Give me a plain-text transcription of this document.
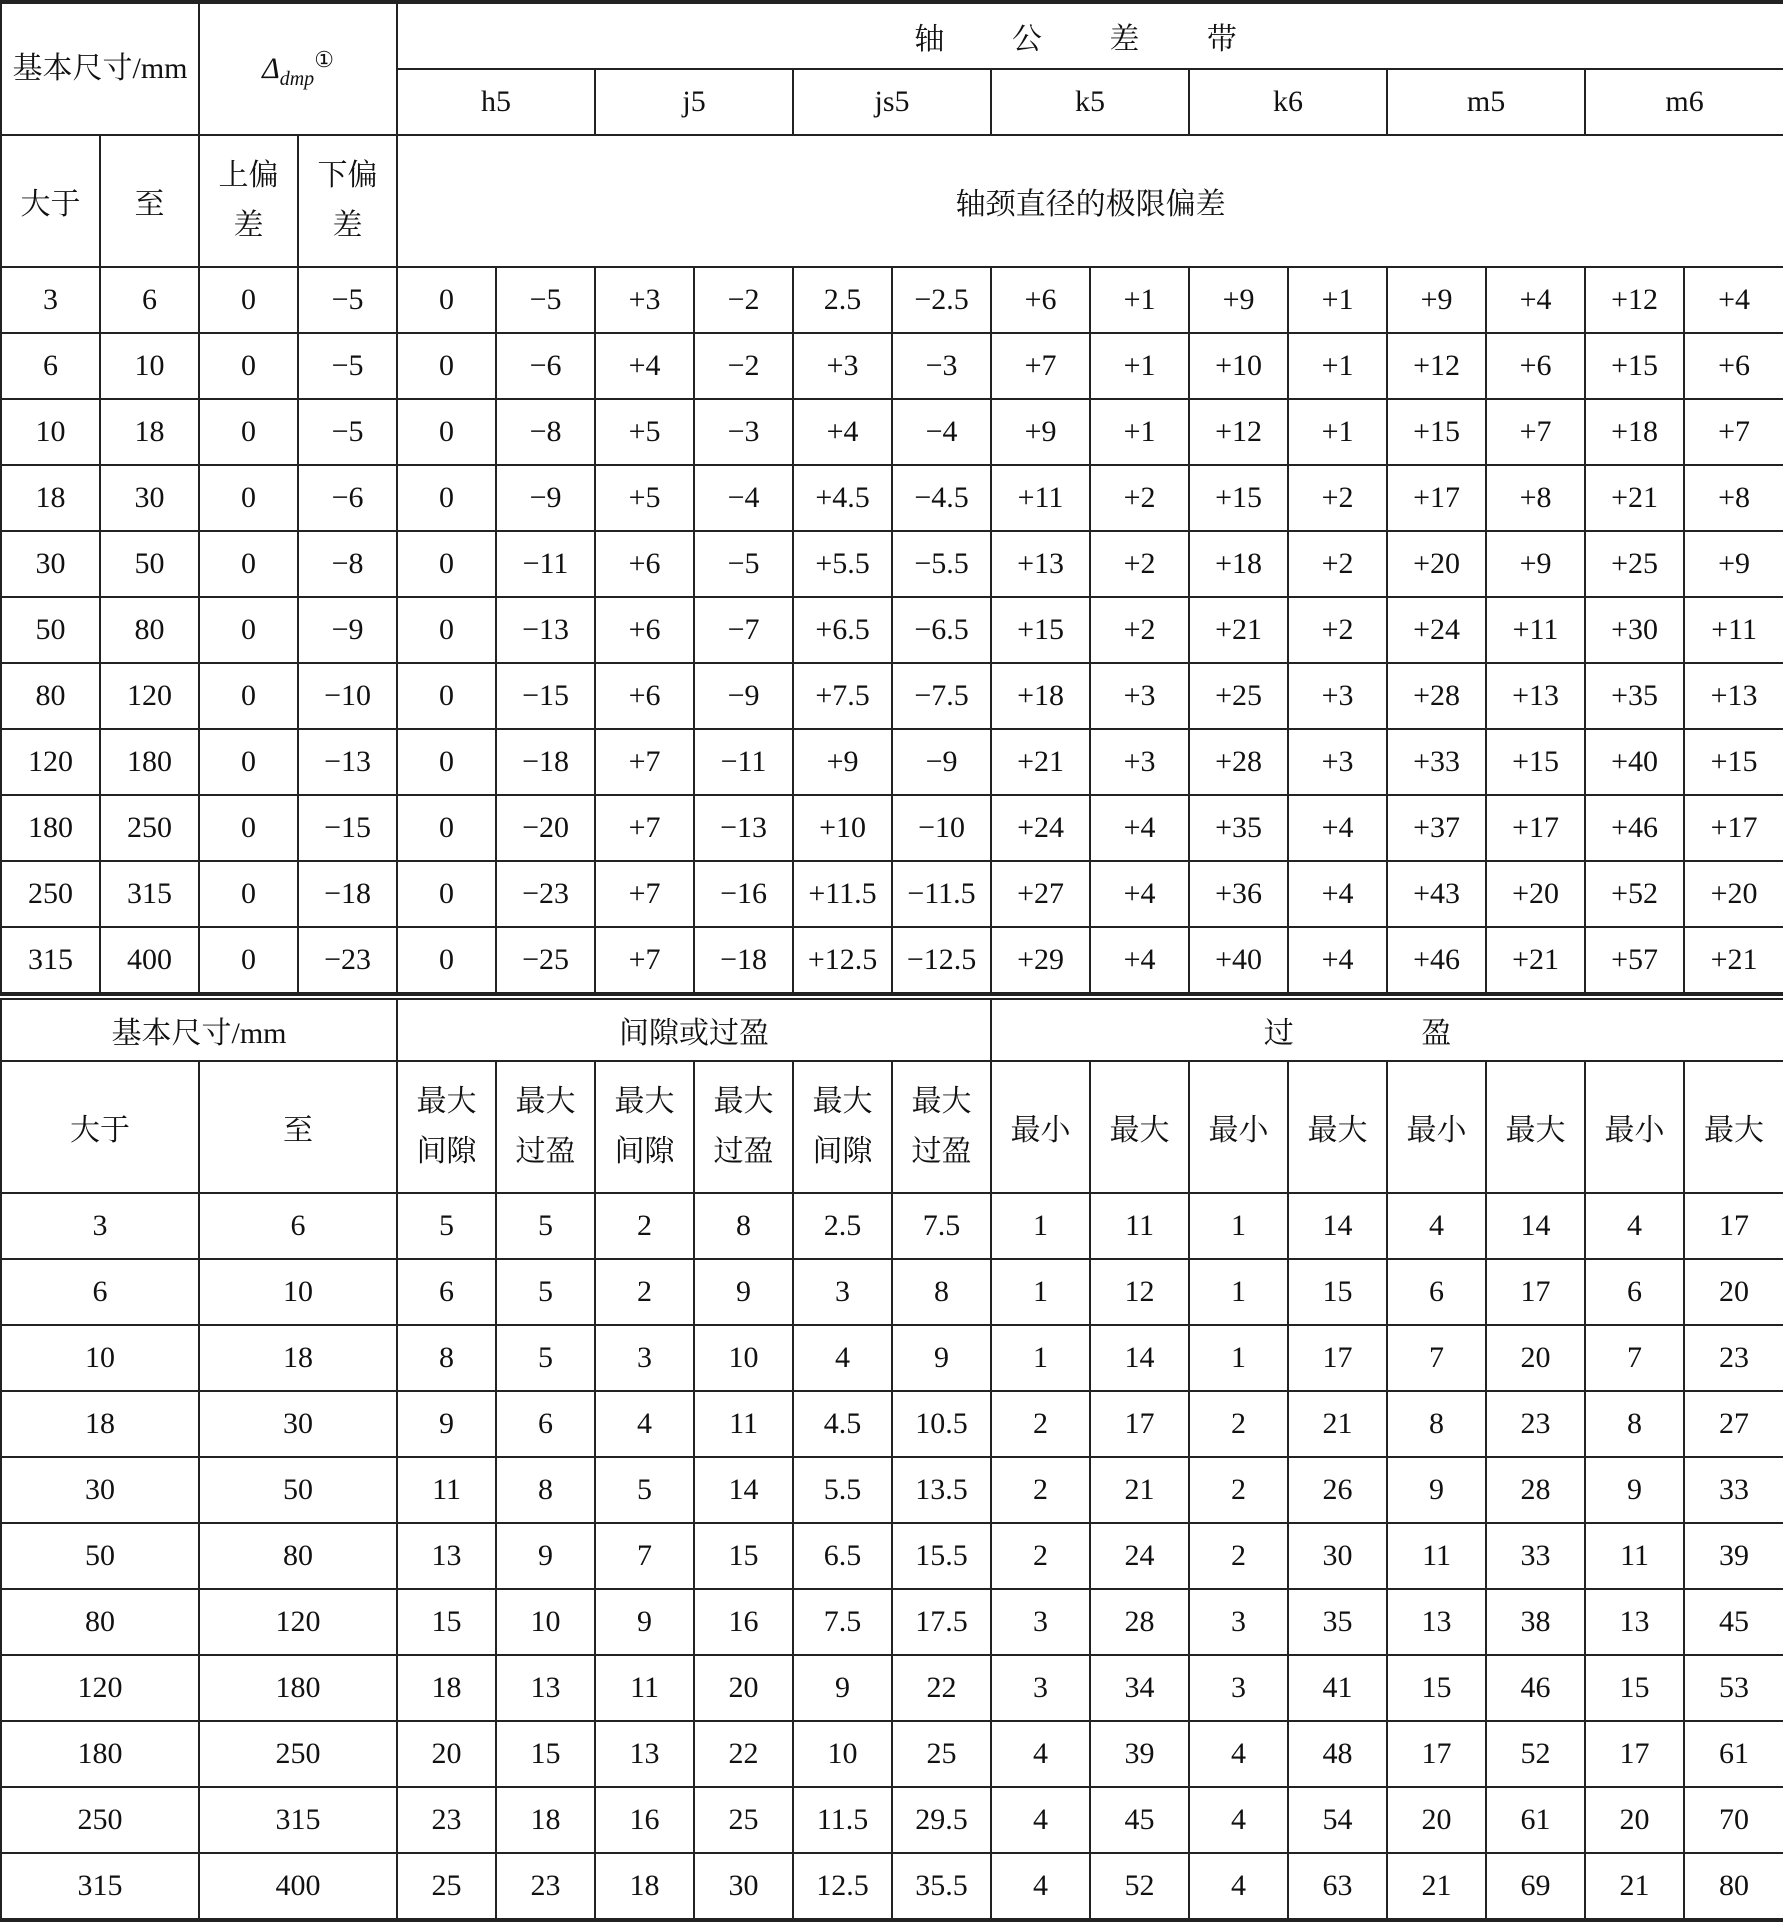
基本尺寸/mm		$\Delta_{dmp}^①$		轴 公 差 带													
				h5		j5		js5		k5		k6		m5		m6	
大于	至	上偏差	下偏差	轴颈直径的极限偏差													
3	6	0	−5	0	−5	+3	−2	2.5	−2.5	+6	+1	+9	+1	+9	+4	+12	+4
6	10	0	−5	0	−6	+4	−2	+3	−3	+7	+1	+10	+1	+12	+6	+15	+6
10	18	0	−5	0	−8	+5	−3	+4	−4	+9	+1	+12	+1	+15	+7	+18	+7
18	30	0	−6	0	−9	+5	−4	+4.5	−4.5	+11	+2	+15	+2	+17	+8	+21	+8
30	50	0	−8	0	−11	+6	−5	+5.5	−5.5	+13	+2	+18	+2	+20	+9	+25	+9
50	80	0	−9	0	−13	+6	−7	+6.5	−6.5	+15	+2	+21	+2	+24	+11	+30	+11
80	120	0	−10	0	−15	+6	−9	+7.5	−7.5	+18	+3	+25	+3	+28	+13	+35	+13
120	180	0	−13	0	−18	+7	−11	+9	−9	+21	+3	+28	+3	+33	+15	+40	+15
180	250	0	−15	0	−20	+7	−13	+10	−10	+24	+4	+35	+4	+37	+17	+46	+17
250	315	0	−18	0	−23	+7	−16	+11.5	−11.5	+27	+4	+36	+4	+43	+20	+52	+20
315	400	0	−23	0	−25	+7	−18	+12.5	−12.5	+29	+4	+40	+4	+46	+21	+57	+21
基本尺寸/mm		间隙或过盈						过 盈							
大于	至	最大间隙	最大过盈	最大间隙	最大过盈	最大间隙	最大过盈	最小	最大	最小	最大	最小	最大	最小	最大
3	6	5	5	2	8	2.5	7.5	1	11	1	14	4	14	4	17
6	10	6	5	2	9	3	8	1	12	1	15	6	17	6	20
10	18	8	5	3	10	4	9	1	14	1	17	7	20	7	23
18	30	9	6	4	11	4.5	10.5	2	17	2	21	8	23	8	27
30	50	11	8	5	14	5.5	13.5	2	21	2	26	9	28	9	33
50	80	13	9	7	15	6.5	15.5	2	24	2	30	11	33	11	39
80	120	15	10	9	16	7.5	17.5	3	28	3	35	13	38	13	45
120	180	18	13	11	20	9	22	3	34	3	41	15	46	15	53
180	250	20	15	13	22	10	25	4	39	4	48	17	52	17	61
250	315	23	18	16	25	11.5	29.5	4	45	4	54	20	61	20	70
315	400	25	23	18	30	12.5	35.5	4	52	4	63	21	69	21	80
